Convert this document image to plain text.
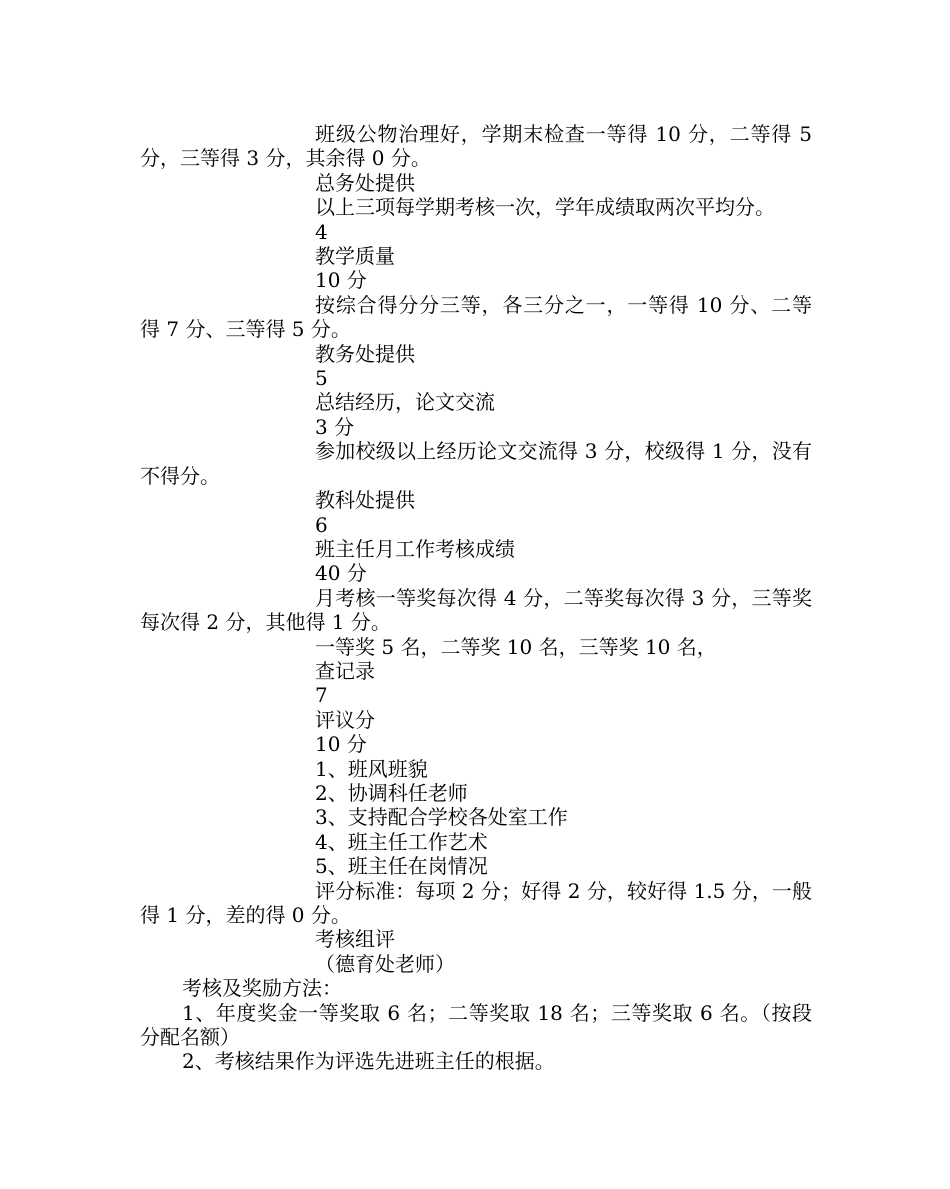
班级公物治理好，学期末检查一等得 10 分，二等得 5 分，三等得 3 分，其余得 0 分。

总务处提供

以上三项每学期考核一次，学年成绩取两次平均分。

4

教学质量

10 分

按综合得分分三等，各三分之一，一等得 10 分、二等得 7 分、三等得 5 分。

教务处提供

5

总结经历，论文交流

3 分

参加校级以上经历论文交流得 3 分，校级得 1 分，没有不得分。

教科处提供

6

班主任月工作考核成绩

40 分

月考核一等奖每次得 4 分，二等奖每次得 3 分，三等奖每次得 2 分，其他得 1 分。

一等奖 5 名，二等奖 10 名，三等奖 10 名，

查记录

7

评议分

10 分

1、班风班貌

2、协调科任老师

3、支持配合学校各处室工作

4、班主任工作艺术

5、班主任在岗情况

评分标准：每项 2 分；好得 2 分，较好得 1.5 分，一般得 1 分，差的得 0 分。

考核组评

（德育处老师）

考核及奖励方法：

1、年度奖金一等奖取 6 名；二等奖取 18 名；三等奖取 6 名。（按段分配名额）

2、考核结果作为评选先进班主任的根据。
